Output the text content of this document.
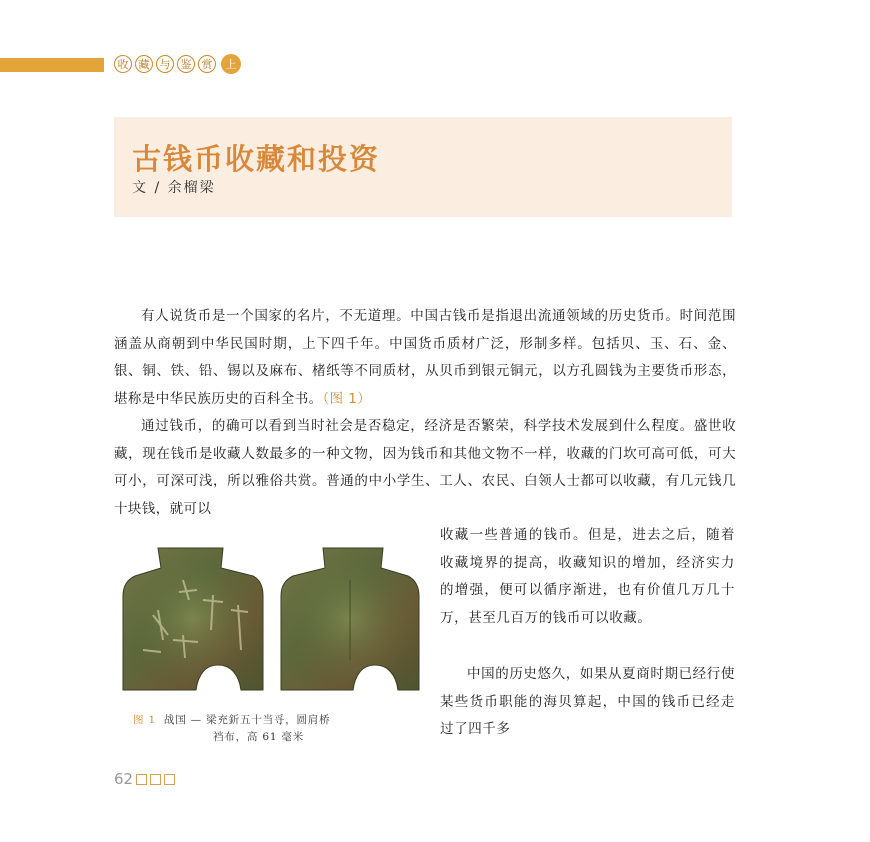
收 藏 与 鉴 赏	上
古钱币收藏和投资
文 / 余榴梁

有人说货币是一个国家的名片，不无道理。中国古钱币是指退出流通领域的历史货币。时间范围涵盖从商朝到中华民国时期，上下四千年。中国货币质材广泛，形制多样。包括贝、玉、石、金、银、铜、铁、铅、锡以及麻布、楮纸等不同质材，从贝币到银元铜元，以方孔圆钱为主要货币形态，堪称是中华民族历史的百科全书。（图 1）

通过钱币，的确可以看到当时社会是否稳定，经济是否繁荣，科学技术发展到什么程度。盛世收藏，现在钱币是收藏人数最多的一种文物，因为钱币和其他文物不一样，收藏的门坎可高可低，可大可小，可深可浅，所以雅俗共赏。普通的中小学生、工人、农民、白领人士都可以收藏，有几元钱几十块钱，就可以

图 1 战国 — 梁充釿五十当寽，圆肩桥
裆布，高 61 毫米

收藏一些普通的钱币。但是，进去之后，随着收藏境界的提高，收藏知识的增加，经济实力的增强，便可以循序渐进，也有价值几万几十万，甚至几百万的钱币可以收藏。

中国的历史悠久，如果从夏商时期已经行使某些货币职能的海贝算起，中国的钱币已经走过了四千多

62
